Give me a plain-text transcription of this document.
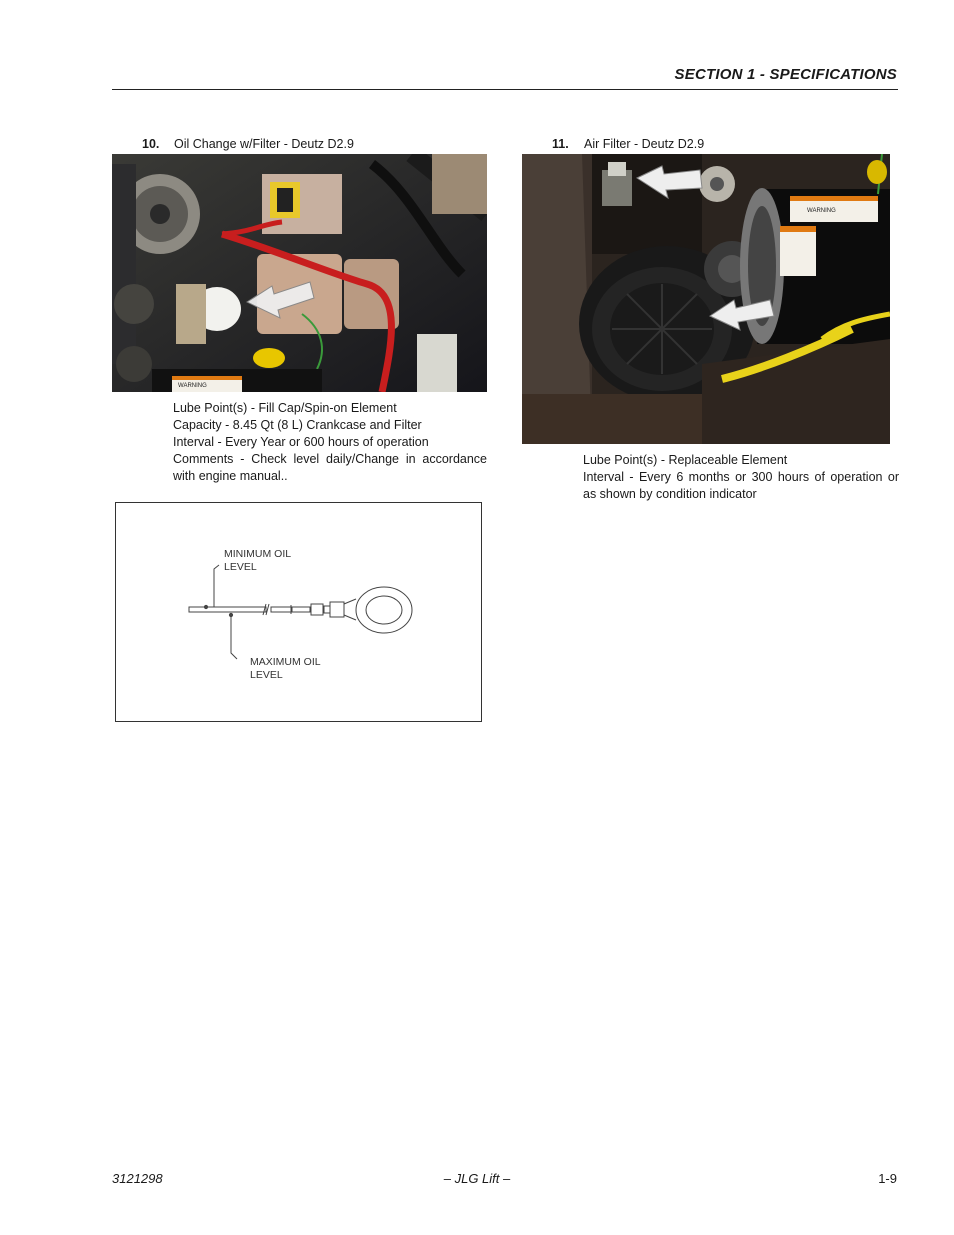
SECTION 1 - SPECIFICATIONS
10. Oil Change w/Filter - Deutz D2.9
WARNING
Lube Point(s) - Fill Cap/Spin-on Element
Capacity - 8.45 Qt (8 L) Crankcase and Filter
Interval - Every Year or 600 hours of operation
Comments - Check level daily/Change in accordance
with engine manual..
MINIMUM OIL
LEVEL
MAXIMUM OIL
LEVEL
11. Air Filter - Deutz D2.9
WARNING
Lube Point(s) - Replaceable Element
Interval - Every 6 months or 300 hours of operation or
as shown by condition indicator
3121298	– JLG Lift –	1-9
